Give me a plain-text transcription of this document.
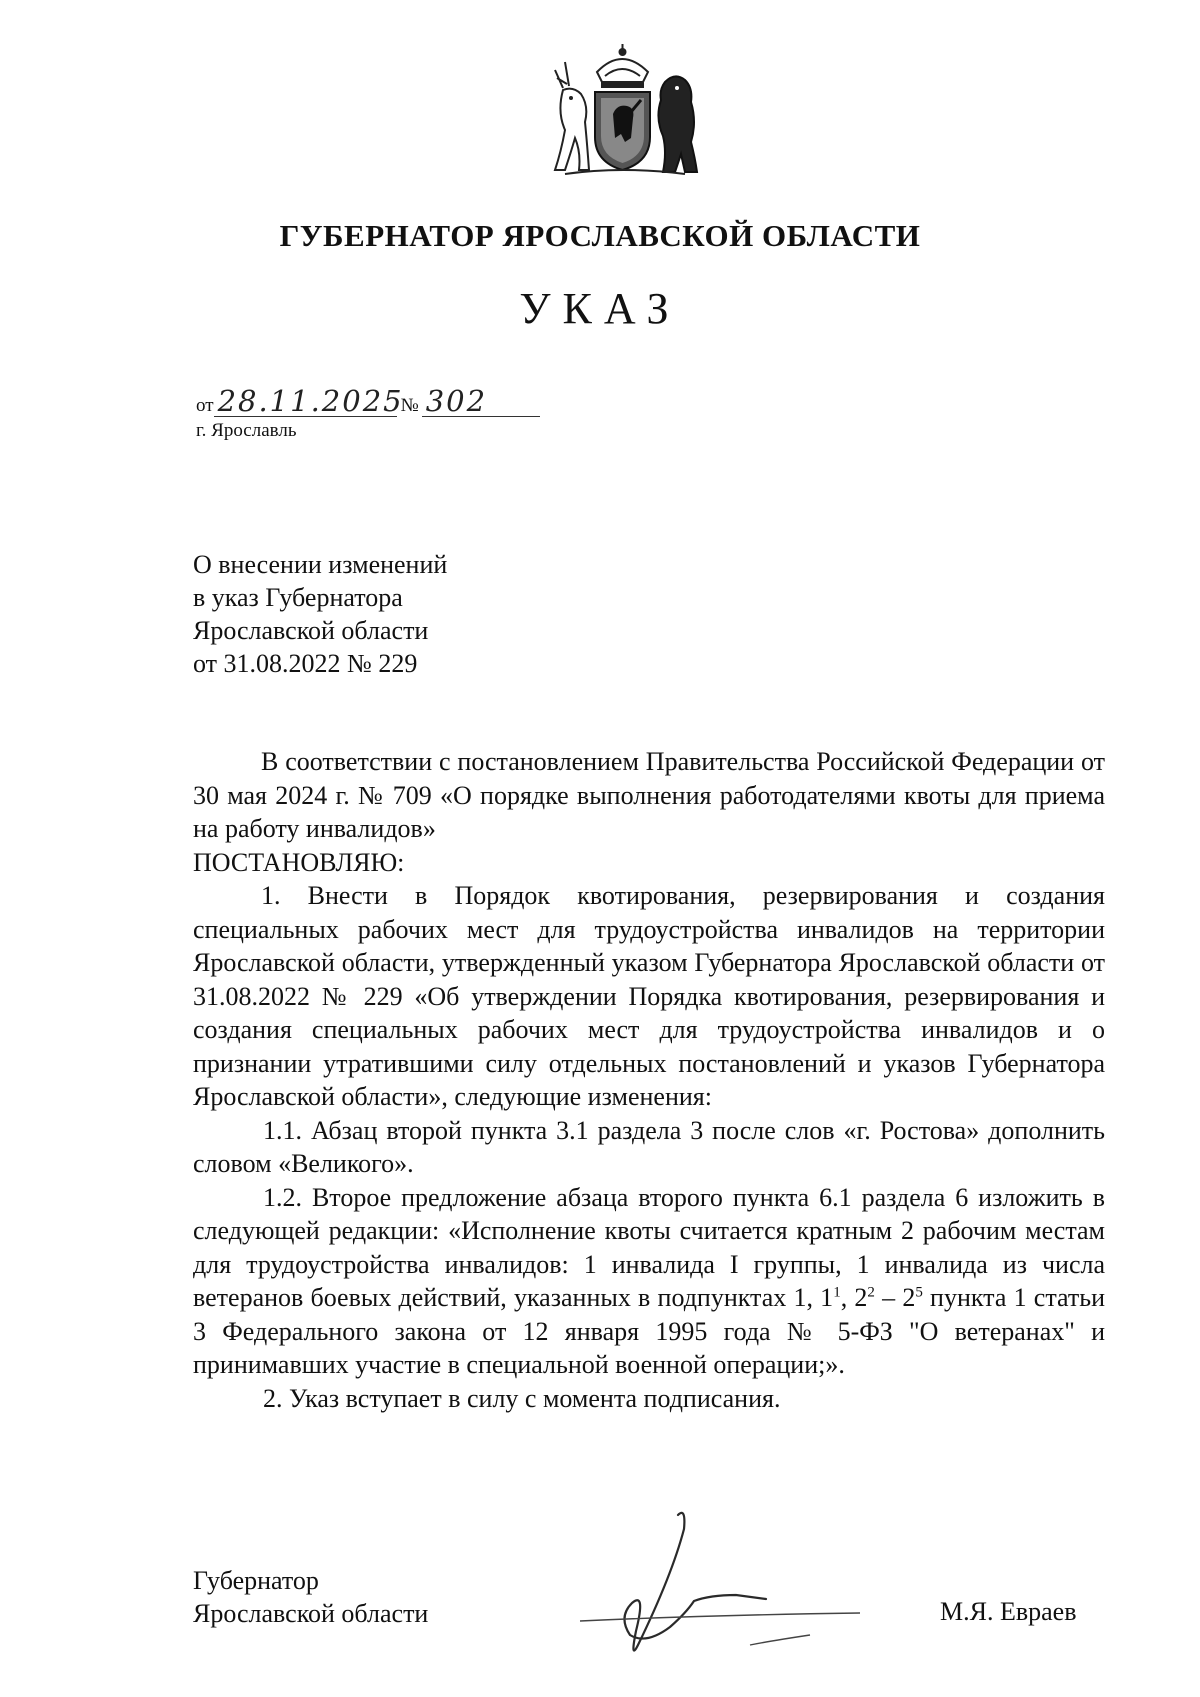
ГУБЕРНАТОР ЯРОСЛАВСКОЙ ОБЛАСТИ
УКАЗ
от 28.11.2025№ 302
г. Ярославль
О внесении изменений
в указ Губернатора
Ярославской области
от 31.08.2022 № 229

В соответствии с постановлением Правительства Российской Федерации от 30 мая 2024 г. № 709 «О порядке выполнения работодателями квоты для приема на работу инвалидов»

ПОСТАНОВЛЯЮ:

1. Внести в Порядок квотирования, резервирования и создания специальных рабочих мест для трудоустройства инвалидов на территории Ярославской области, утвержденный указом Губернатора Ярославской области от 31.08.2022 № 229 «Об утверждении Порядка квотирования, резервирования и создания специальных рабочих мест для трудоустройства инвалидов и о признании утратившими силу отдельных постановлений и указов Губернатора Ярославской области», следующие изменения:

1.1. Абзац второй пункта 3.1 раздела 3 после слов «г. Ростова» дополнить словом «Великого».

1.2. Второе предложение абзаца второго пункта 6.1 раздела 6 изложить в следующей редакции: «Исполнение квоты считается кратным 2 рабочим местам для трудоустройства инвалидов: 1 инвалида I группы, 1 инвалида из числа ветеранов боевых действий, указанных в подпунктах 1, $1^1$, $2^2 - 2^5$ пункта 1 статьи 3 Федерального закона от 12 января 1995 года № 5-ФЗ "О ветеранах" и принимавших участие в специальной военной операции;».

2. Указ вступает в силу с момента подписания.

Губернатор
Ярославской области	М.Я. Евраев
